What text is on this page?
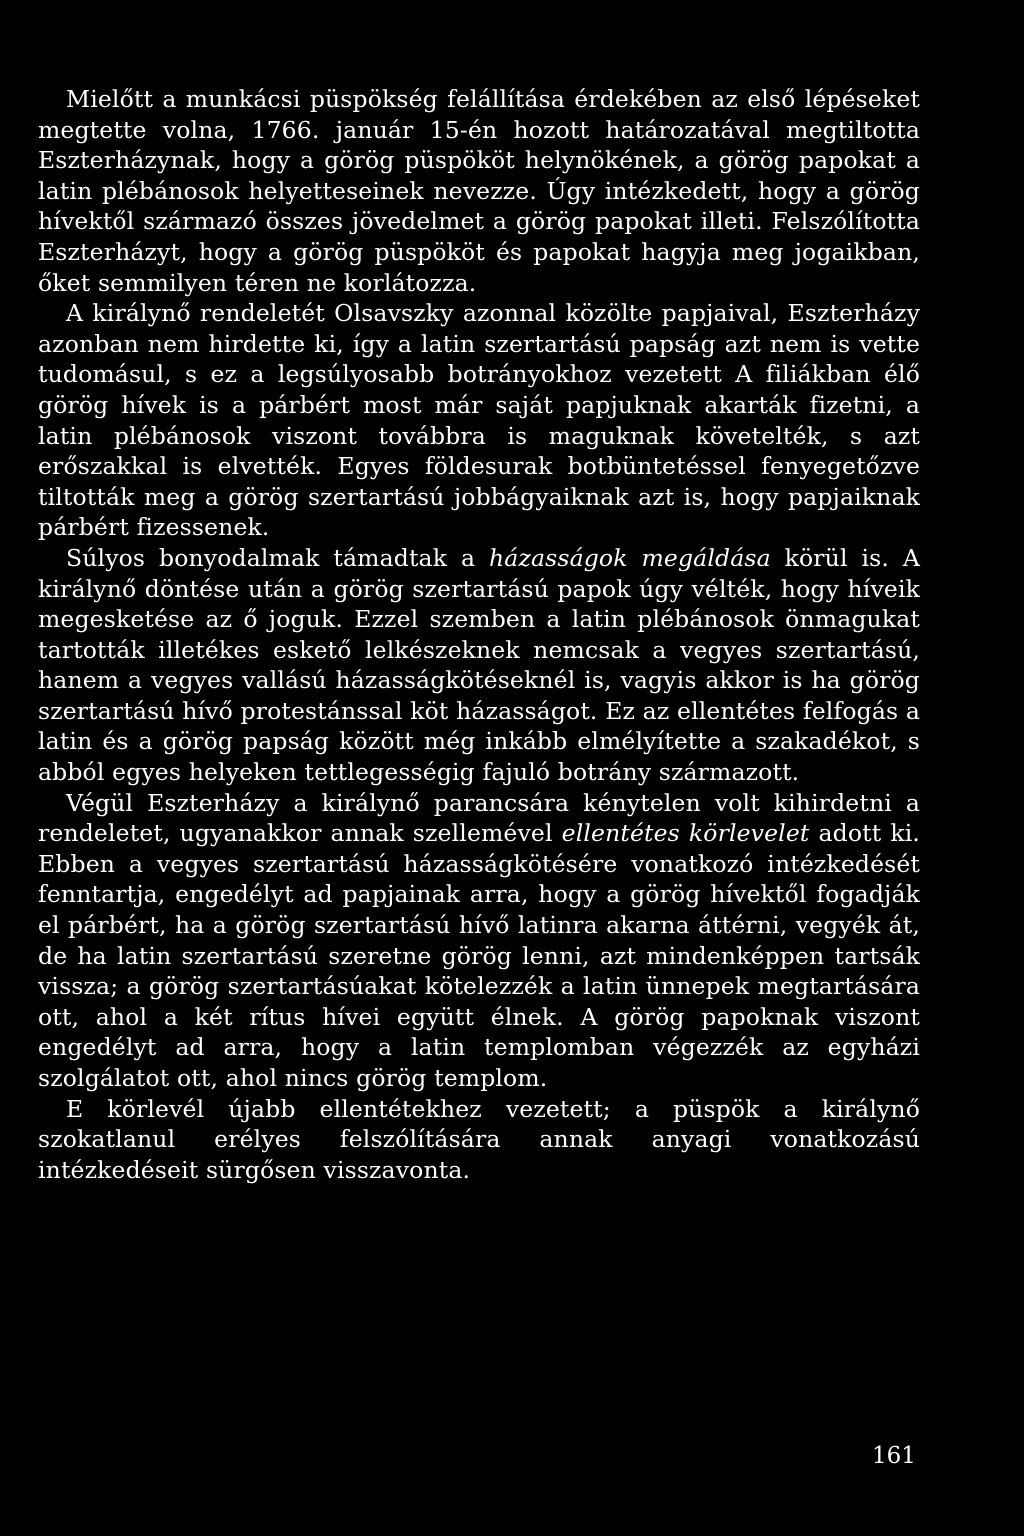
Mielőtt a munkácsi püspökség felállítása érdekében az első lépéseket megtette volna, 1766. január 15-én hozott határozatával megtiltotta Eszterházynak, hogy a görög püspököt helynökének, a görög papokat a latin plébánosok helyetteseinek nevezze. Úgy intézkedett, hogy a görög hívektől származó összes jövedelmet a görög papokat illeti. Felszólította Eszterházyt, hogy a görög püspököt és papokat hagyja meg jogaikban, őket semmilyen téren ne korlátozza.

A királynő rendeletét Olsavszky azonnal közölte papjaival, Eszterházy azonban nem hirdette ki, így a latin szertartású papság azt nem is vette tudomásul, s ez a legsúlyosabb botrányokhoz vezetett A filiákban élő görög hívek is a párbért most már saját papjuknak akarták fizetni, a latin plébánosok viszont továbbra is maguknak követelték, s azt erőszakkal is elvették. Egyes földesurak botbüntetéssel fenyegetőzve tiltották meg a görög szertartású jobbágyaiknak azt is, hogy papjaiknak párbért fizessenek.

Súlyos bonyodalmak támadtak a házasságok megáldása körül is. A királynő döntése után a görög szertartású papok úgy vélték, hogy híveik megesketése az ő joguk. Ezzel szemben a latin plébánosok önmagukat tartották illetékes eskető lelkészeknek nemcsak a vegyes szertartású, hanem a vegyes vallású házasságkötéseknél is, vagyis akkor is ha görög szertartású hívő protestánssal köt házasságot. Ez az ellentétes felfogás a latin és a görög papság között még inkább elmélyítette a szakadékot, s abból egyes helyeken tettlegességig fajuló botrány származott.

Végül Eszterházy a királynő parancsára kénytelen volt kihirdetni a rendeletet, ugyanakkor annak szellemével ellentétes körlevelet adott ki. Ebben a vegyes szertartású házasságkötésére vonatkozó intézkedését fenntartja, engedélyt ad papjainak arra, hogy a görög hívektől fogadják el párbért, ha a görög szertartású hívő latinra akarna áttérni, vegyék át, de ha latin szertartású szeretne görög lenni, azt mindenképpen tartsák vissza; a görög szertartásúakat kötelezzék a latin ünnepek megtartására ott, ahol a két rítus hívei együtt élnek. A görög papoknak viszont engedélyt ad arra, hogy a latin templomban végezzék az egyházi szolgálatot ott, ahol nincs görög templom.

E körlevél újabb ellentétekhez vezetett; a püspök a királynő szokatlanul erélyes felszólítására annak anyagi vonatkozású intézkedéseit sürgősen visszavonta.

161
